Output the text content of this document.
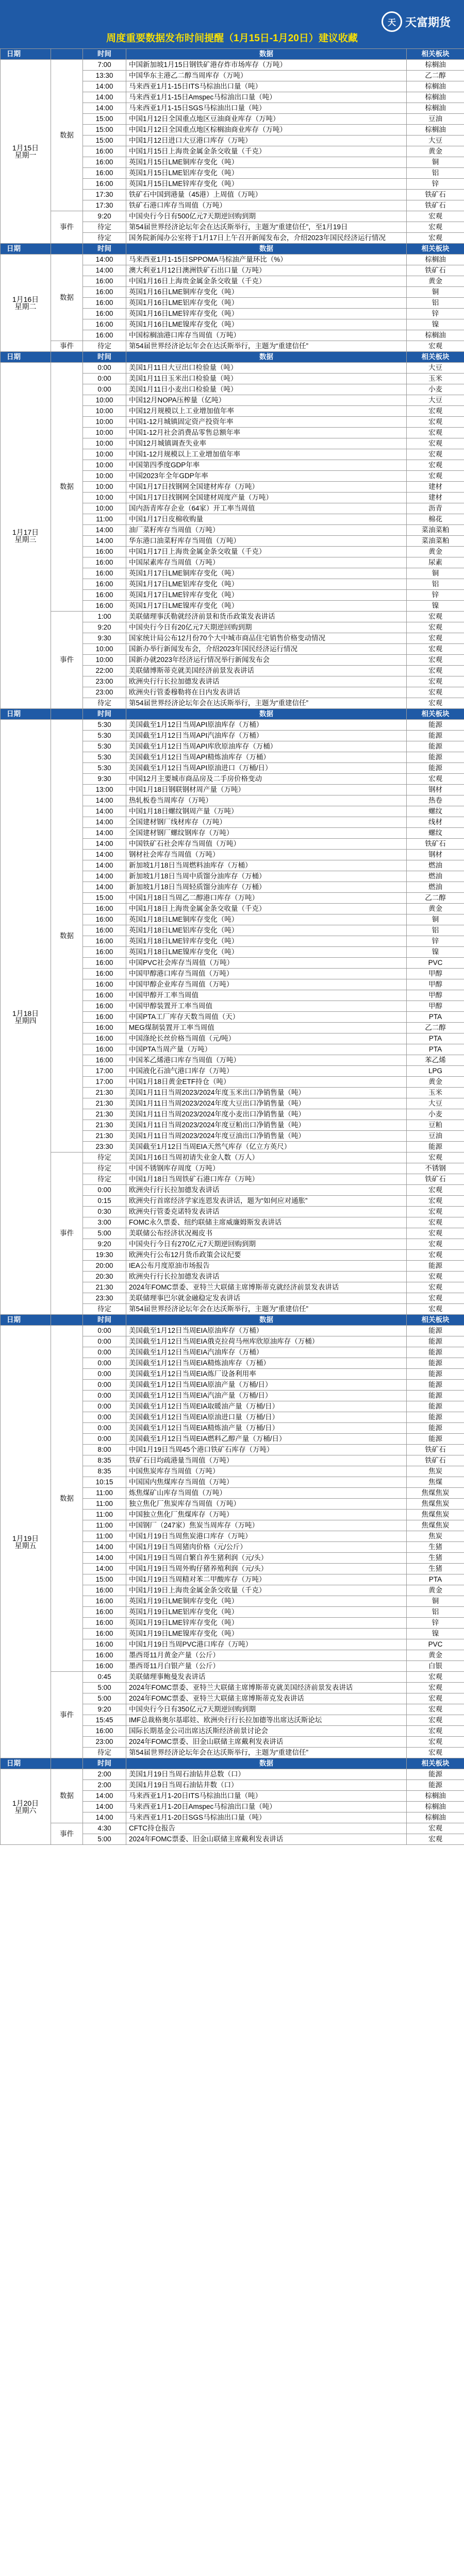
周度重要数据发布时间提醒（1月15日-1月20日）建议收藏
天 天富期货
日期		时间	数据	相关板块

1月15日
星期一	数据	7:00	中国新加坡1月15日钢铁矿港存炸市场库存（万吨）	棕榈油
		13:30	中国华东主港乙二醇当周库存（万吨）	乙二醇
		14:00	马来西亚1月1-15日ITS马棕油出口量（吨）	棕榈油
		14:00	马来西亚1月1-15日Amspec马棕油出口量（吨）	棕榈油
		14:00	马来西亚1月1-15日SGS马棕油出口量（吨）	棕榈油
		15:00	中国1月12日全国重点地区豆油商业库存（万吨）	豆油
		15:00	中国1月12日全国重点地区棕榈油商业库存（万吨）	棕榈油
		15:00	中国1月12日进口大豆港口库存（万吨）	大豆
		16:00	中国1月15日上海贵金属金条交收量（千克）	黄金
		16:00	英国1月15日LME铜库存变化（吨）	铜
		16:00	英国1月15日LME铝库存变化（吨）	铝
		16:00	英国1月15日LME锌库存变化（吨）	锌
		17:30	铁矿石中国到港量（45港）上周值（万吨）	铁矿石
		17:30	铁矿石港口库存当周值（万吨）	铁矿石
	事件	9:20	中国央行今日有500亿元7天期逆回购到期	宏观
		待定	第54届世界经济论坛年会在达沃斯举行，主题为“重建信任”，至1月19日	宏观
		待定	国务院新闻办公室将于1月17日上午召开新闻发布会，介绍2023年国民经济运行情况	宏观
日期		时间	数据	相关板块

1月16日
星期二	数据	14:00	马来西亚1月1-15日SPPOMA马棕油产量环比（%）	棕榈油
		14:00	澳大利亚1月12日澳洲铁矿石出口量（万吨）	铁矿石
		16:00	中国1月16日上海贵金属金条交收量（千克）	黄金
		16:00	英国1月16日LME铜库存变化（吨）	铜
		16:00	英国1月16日LME铝库存变化（吨）	铝
		16:00	英国1月16日LME锌库存变化（吨）	锌
		16:00	英国1月16日LME镍库存变化（吨）	镍
		16:00	中国棕榈油港口库存当周值（万吨）	棕榈油
	事件	待定	第54届世界经济论坛年会在达沃斯举行，主题为“重建信任”	宏观
日期		时间	数据	相关板块

1月17日
星期三	数据	0:00	美国1月11日大豆出口检验量（吨）	大豆
		0:00	美国1月11日玉米出口检验量（吨）	玉米
		0:00	美国1月11日小麦出口检验量（吨）	小麦
		10:00	中国12月NOPA压榨量（亿吨）	大豆
		10:00	中国12月规模以上工业增加值年率	宏观
		10:00	中国1-12月城镇固定资产投资年率	宏观
		10:00	中国1-12月社会消费品零售总额年率	宏观
		10:00	中国12月城镇调查失业率	宏观
		10:00	中国1-12月规模以上工业增加值年率	宏观
		10:00	中国第四季度GDP年率	宏观
		10:00	中国2023年全年GDP年率	宏观
		10:00	中国1月17日找钢网全国建材库存（万吨）	建材
		10:00	中国1月17日找钢网全国建材周度产量（万吨）	建材
		10:00	国内沥青库存企业（64家）开工率当周值	沥青
		11:00	中国1月17日皮棉收购量	棉花
		14:00	油厂菜籽库存当周值（万吨）	菜油菜粕
		14:00	华东港口油菜籽库存当周值（万吨）	菜油菜粕
		16:00	中国1月17日上海贵金属金条交收量（千克）	黄金
		16:00	中国尿素库存当周值（万吨）	尿素
		16:00	英国1月17日LME铜库存变化（吨）	铜
		16:00	英国1月17日LME铝库存变化（吨）	铝
		16:00	英国1月17日LME锌库存变化（吨）	锌
		16:00	英国1月17日LME镍库存变化（吨）	镍
	事件	1:00	美联储理事沃勒就经济前景和货币政策发表讲话	宏观
		9:20	中国央行今日有20亿元7天期逆回购到期	宏观
		9:30	国家统计局公布12月份70个大中城市商品住宅销售价格变动情况	宏观
		10:00	国新办举行新闻发布会，介绍2023年国民经济运行情况	宏观
		10:00	国新办就2023年经济运行情况举行新闻发布会	宏观
		22:00	美联储博斯蒂克就美国经济前景发表讲话	宏观
		23:00	欧洲央行行长拉加德发表讲话	宏观
		23:00	欧洲央行管委穆勒将在日内发表讲话	宏观
		待定	第54届世界经济论坛年会在达沃斯举行，主题为“重建信任”	宏观
日期		时间	数据	相关板块

1月18日
星期四	数据	5:30	美国截至1月12日当周API原油库存（万桶）	能源
		5:30	美国截至1月12日当周API汽油库存（万桶）	能源
		5:30	美国截至1月12日当周API库欣原油库存（万桶）	能源
		5:30	美国截至1月12日当周API精炼油库存（万桶）	能源
		5:30	美国截至1月12日当周API原油进口（万桶/日）	能源
		9:30	中国12月主要城市商品房及二手房价格变动	宏观
		13:00	中国1月18日钢联钢材周产量（万吨）	钢材
		14:00	热轧板卷当周库存（万吨）	热卷
		14:00	中国1月18日螺纹钢周产量（万吨）	螺纹
		14:00	全国建材钢厂线材库存（万吨）	线材
		14:00	全国建材钢厂螺纹钢库存（万吨）	螺纹
		14:00	中国铁矿石社会库存当周值（万吨）	铁矿石
		14:00	钢材社会库存当周值（万吨）	钢材
		14:00	新加坡1月18日当周燃料油库存（万桶）	燃油
		14:00	新加坡1月18日当周中质馏分油库存（万桶）	燃油
		14:00	新加坡1月18日当周轻质馏分油库存（万桶）	燃油
		15:00	中国1月18日当周乙二醇港口库存（万吨）	乙二醇
		16:00	中国1月18日上海贵金属金条交收量（千克）	黄金
		16:00	英国1月18日LME铜库存变化（吨）	铜
		16:00	英国1月18日LME铝库存变化（吨）	铝
		16:00	英国1月18日LME锌库存变化（吨）	锌
		16:00	英国1月18日LME镍库存变化（吨）	镍
		16:00	中国PVC社会库存当周值（万吨）	PVC
		16:00	中国甲醇港口库存当周值（万吨）	甲醇
		16:00	中国甲醇企业库存当周值（万吨）	甲醇
		16:00	中国甲醇开工率当周值	甲醇
		16:00	中国甲醇装置开工率当周值	甲醇
		16:00	中国PTA工厂库存天数当周值（天）	PTA
		16:00	MEG煤制装置开工率当周值	乙二醇
		16:00	中国涤纶长丝价格当周值（元/吨）	PTA
		16:00	中国PTA当周产量（万吨）	PTA
		16:00	中国苯乙烯港口库存当周值（万吨）	苯乙烯
		17:00	中国液化石油气港口库存（万吨）	LPG
		17:00	中国1月18日黄金ETF持仓（吨）	黄金
		21:30	美国1月11日当周2023/2024年度玉米出口净销售量（吨）	玉米
		21:30	美国1月11日当周2023/2024年度大豆出口净销售量（吨）	大豆
		21:30	美国1月11日当周2023/2024年度小麦出口净销售量（吨）	小麦
		21:30	美国1月11日当周2023/2024年度豆粕出口净销售量（吨）	豆粕
		21:30	美国1月11日当周2023/2024年度豆油出口净销售量（吨）	豆油
		23:30	美国截至1月12日当周EIA天然气库存（亿立方英尺）	能源
	事件	待定	美国1月16日当周初请失业金人数（万人）	宏观
		待定	中国不锈钢库存周度（万吨）	不锈钢
		待定	中国1月18日当周铁矿石港口库存（万吨）	铁矿石
		0:00	欧洲央行行长拉加德发表讲话	宏观
		0:15	欧洲央行首席经济学家连恩发表讲话，题为“如何应对通胀”	宏观
		0:30	欧洲央行管委克诺特发表讲话	宏观
		3:00	FOMC永久票委、纽约联储主席威廉姆斯发表讲话	宏观
		5:00	美联储公布经济状况褐皮书	宏观
		9:20	中国央行今日有270亿元7天期逆回购到期	宏观
		19:30	欧洲央行公布12月货币政策会议纪要	宏观
		20:00	IEA公布月度原油市场报告	能源
		20:30	欧洲央行行长拉加德发表讲话	宏观
		21:30	2024年FOMC票委、亚特兰大联储主席博斯蒂克就经济前景发表讲话	宏观
		23:30	美联储理事巴尔就金融稳定发表讲话	宏观
		待定	第54届世界经济论坛年会在达沃斯举行，主题为“重建信任”	宏观
日期		时间	数据	相关板块

1月19日
星期五	数据	0:00	美国截至1月12日当周EIA原油库存（万桶）	能源
		0:00	美国截至1月12日当周EIA俄克拉荷马州库欣原油库存（万桶）	能源
		0:00	美国截至1月12日当周EIA汽油库存（万桶）	能源
		0:00	美国截至1月12日当周EIA精炼油库存（万桶）	能源
		0:00	美国截至1月12日当周EIA炼厂设备利用率	能源
		0:00	美国截至1月12日当周EIA原油产量（万桶/日）	能源
		0:00	美国截至1月12日当周EIA汽油产量（万桶/日）	能源
		0:00	美国截至1月12日当周EIA取暖油产量（万桶/日）	能源
		0:00	美国截至1月12日当周EIA原油进口量（万桶/日）	能源
		0:00	美国截至1月12日当周EIA精炼油产量（万桶/日）	能源
		0:00	美国截至1月12日当周EIA燃料乙醇产量（万桶/日）	能源
		8:00	中国1月19日当周45个港口铁矿石库存（万吨）	铁矿石
		8:35	铁矿石日均疏港量当周值（万吨）	铁矿石
		8:35	中国焦炭库存当周值（万吨）	焦炭
		10:15	中国国内焦煤库存当周值（万吨）	焦煤
		11:00	炼焦煤矿山库存当周值（万吨）	焦煤焦炭
		11:00	独立焦化厂焦炭库存当周值（万吨）	焦煤焦炭
		11:00	中国独立焦化厂焦煤库存（万吨）	焦煤焦炭
		11:00	中国钢厂（247家）焦炭当周库存（万吨）	焦煤焦炭
		11:00	中国1月19日当周焦炭港口库存（万吨）	焦炭
		14:00	中国1月19日当周猪肉价格（元/公斤）	生猪
		14:00	中国1月19日当周自繁自养生猪利润（元/头）	生猪
		14:00	中国1月19日当周外购仔猪养殖利润（元/头）	生猪
		15:00	中国1月19日当周精对苯二甲酸库存（万吨）	PTA
		16:00	中国1月19日上海贵金属金条交收量（千克）	黄金
		16:00	英国1月19日LME铜库存变化（吨）	铜
		16:00	英国1月19日LME铝库存变化（吨）	铝
		16:00	英国1月19日LME锌库存变化（吨）	锌
		16:00	英国1月19日LME镍库存变化（吨）	镍
		16:00	中国1月19日当周PVC港口库存（万吨）	PVC
		16:00	墨西哥11月黄金产量（公斤）	黄金
		16:00	墨西哥11月白银产量（公斤）	白银
	事件	0:45	美联储理事鲍曼发表讲话	宏观
		5:00	2024年FOMC票委、亚特兰大联储主席博斯蒂克就美国经济前景发表讲话	宏观
		5:00	2024年FOMC票委、亚特兰大联储主席博斯蒂克发表讲话	宏观
		9:20	中国央行今日有350亿元7天期逆回购到期	宏观
		15:45	IMF总裁格奥尔基耶娃、欧洲央行行长拉加德等出席达沃斯论坛	宏观
		16:00	国际长期基金公司出席达沃斯经济前景讨论会	宏观
		23:00	2024年FOMC票委、旧金山联储主席戴利发表讲话	宏观
		待定	第54届世界经济论坛年会在达沃斯举行，主题为“重建信任”	宏观
日期		时间	数据	相关板块

1月20日
星期六	数据	2:00	美国1月19日当周石油钻井总数（口）	能源
		2:00	美国1月19日当周石油钻井数（口）	能源
		14:00	马来西亚1月1-20日ITS马棕油出口量（吨）	棕榈油
		14:00	马来西亚1月1-20日Amspec马棕油出口量（吨）	棕榈油
		14:00	马来西亚1月1-20日SGS马棕油出口量（吨）	棕榈油
	事件	4:30	CFTC持仓报告	宏观
		5:00	2024年FOMC票委、旧金山联储主席戴利发表讲话	宏观
